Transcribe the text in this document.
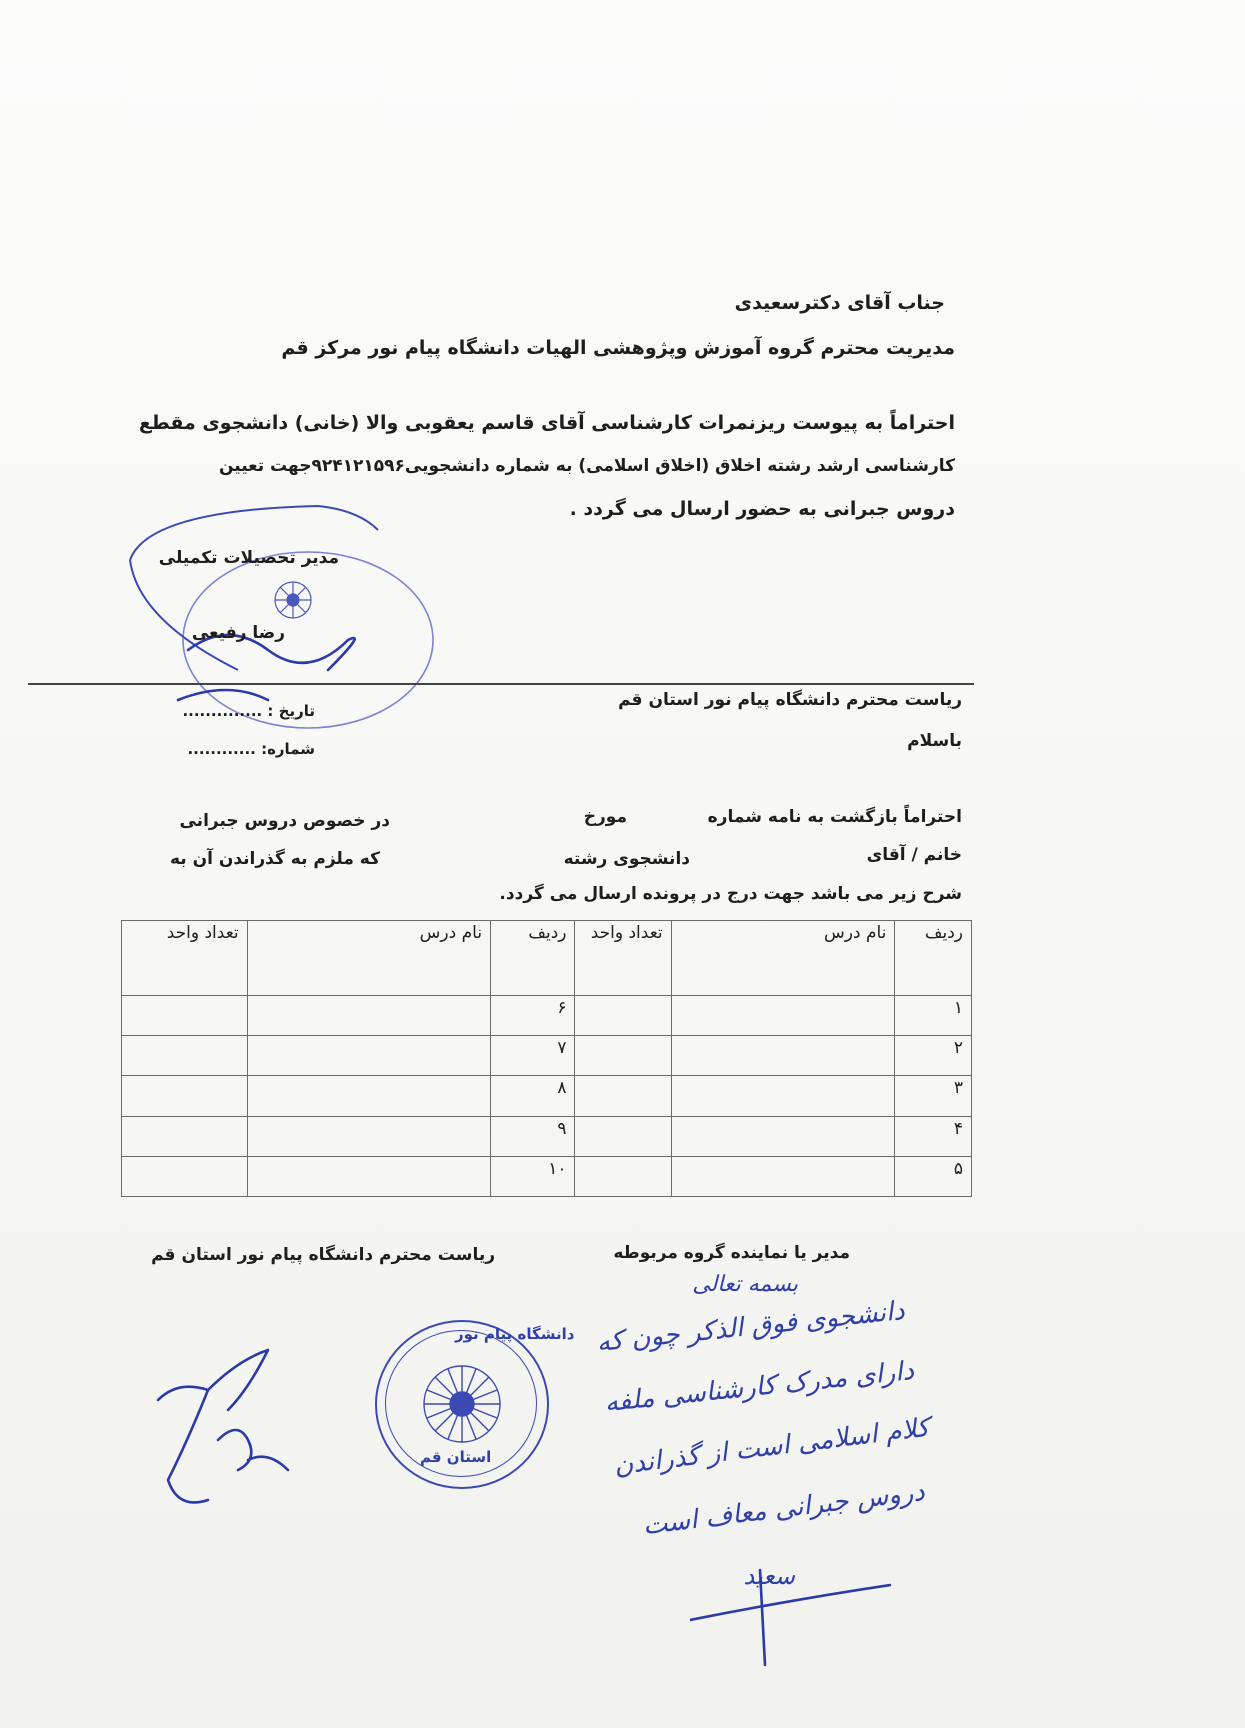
جناب آقای دکترسعیدی
مدیریت محترم گروه آموزش وپژوهشی الهیات دانشگاه پیام نور مرکز قم
احتراماً به پیوست ریزنمرات کارشناسی آقای قاسم یعقوبی والا (خانی) دانشجوی مقطع
کارشناسی ارشد رشته اخلاق (اخلاق اسلامی) به شماره دانشجویی۹۲۴۱۲۱۵۹۶جهت تعیین
دروس جبرانی به حضور ارسال می گردد .
مدیر تحصیلات تکمیلی
رضا رفیعی
تاریخ : ..............
شماره: ............
ریاست محترم دانشگاه پیام نور استان قم
باسلام
احتراماً بازگشت به نامه شماره
مورخ
در خصوص دروس جبرانی
خانم / آقای
دانشجوی رشته
که ملزم به گذراندن آن به
شرح زیر می باشد جهت درج در پرونده ارسال می گردد.
ردیف	نام درس	تعداد واحد	ردیف	نام درس	تعداد واحد
۱			۶		
۲			۷		
۳			۸		
۴			۹		
۵			۱۰		
مدیر یا نماینده گروه مربوطه
ریاست محترم دانشگاه پیام نور استان قم
دانشگاه پیام نور
استان قم
بسمه تعالی
دانشجوی فوق الذکر چون که
دارای مدرک کارشناسی ملفه
کلام اسلامی است از گذراندن
دروس جبرانی معاف است
سعید
